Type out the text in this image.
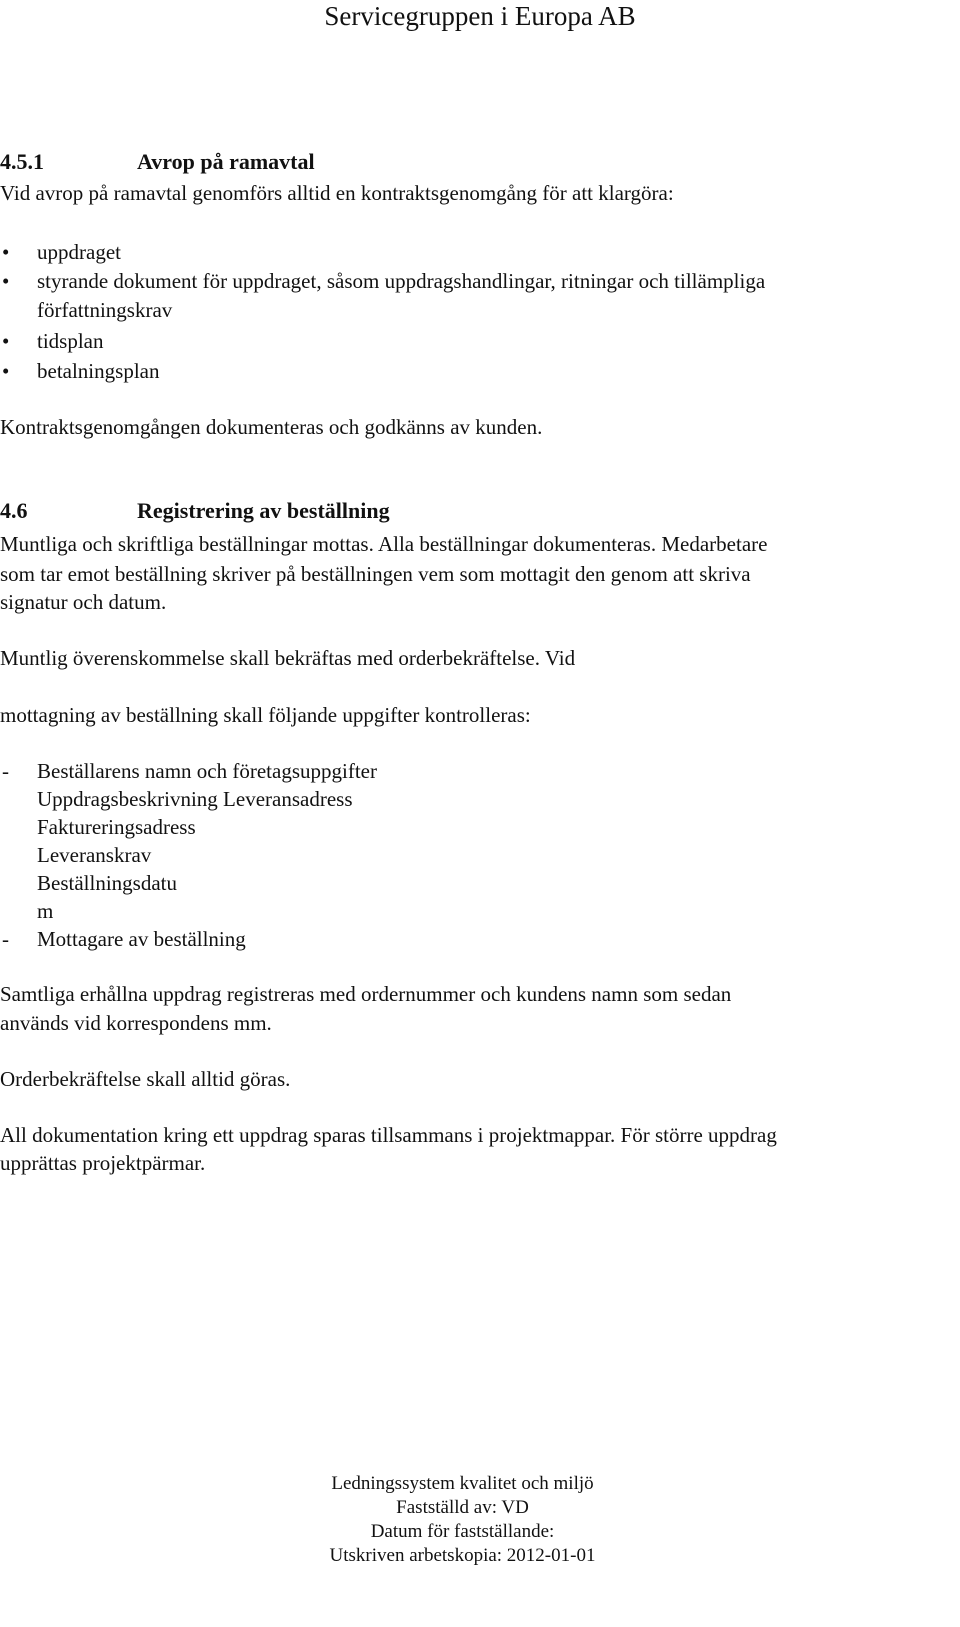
Servicegruppen i Europa AB
4.5.1	Avrop på ramavtal
Vid avrop på ramavtal genomförs alltid en kontraktsgenomgång för att klargöra:
• uppdraget
• styrande dokument för uppdraget, såsom uppdragshandlingar, ritningar och tillämpliga
författningskrav
• tidsplan
• betalningsplan
Kontraktsgenomgången dokumenteras och godkänns av kunden.
4.6	Registrering av beställning
Muntliga och skriftliga beställningar mottas. Alla beställningar dokumenteras. Medarbetare
som tar emot beställning skriver på beställningen vem som mottagit den genom att skriva
signatur och datum.
Muntlig överenskommelse skall bekräftas med orderbekräftelse. Vid
mottagning av beställning skall följande uppgifter kontrolleras:
- Beställarens namn och företagsuppgifter
Uppdragsbeskrivning Leveransadress
Faktureringsadress
Leveranskrav
Beställningsdatu
m
- Mottagare av beställning
Samtliga erhållna uppdrag registreras med ordernummer och kundens namn som sedan
används vid korrespondens mm.
Orderbekräftelse skall alltid göras.
All dokumentation kring ett uppdrag sparas tillsammans i projektmappar. För större uppdrag
upprättas projektpärmar.
Ledningssystem kvalitet och miljö
Fastställd av: VD
Datum för fastställande:
Utskriven arbetskopia: 2012-01-01
